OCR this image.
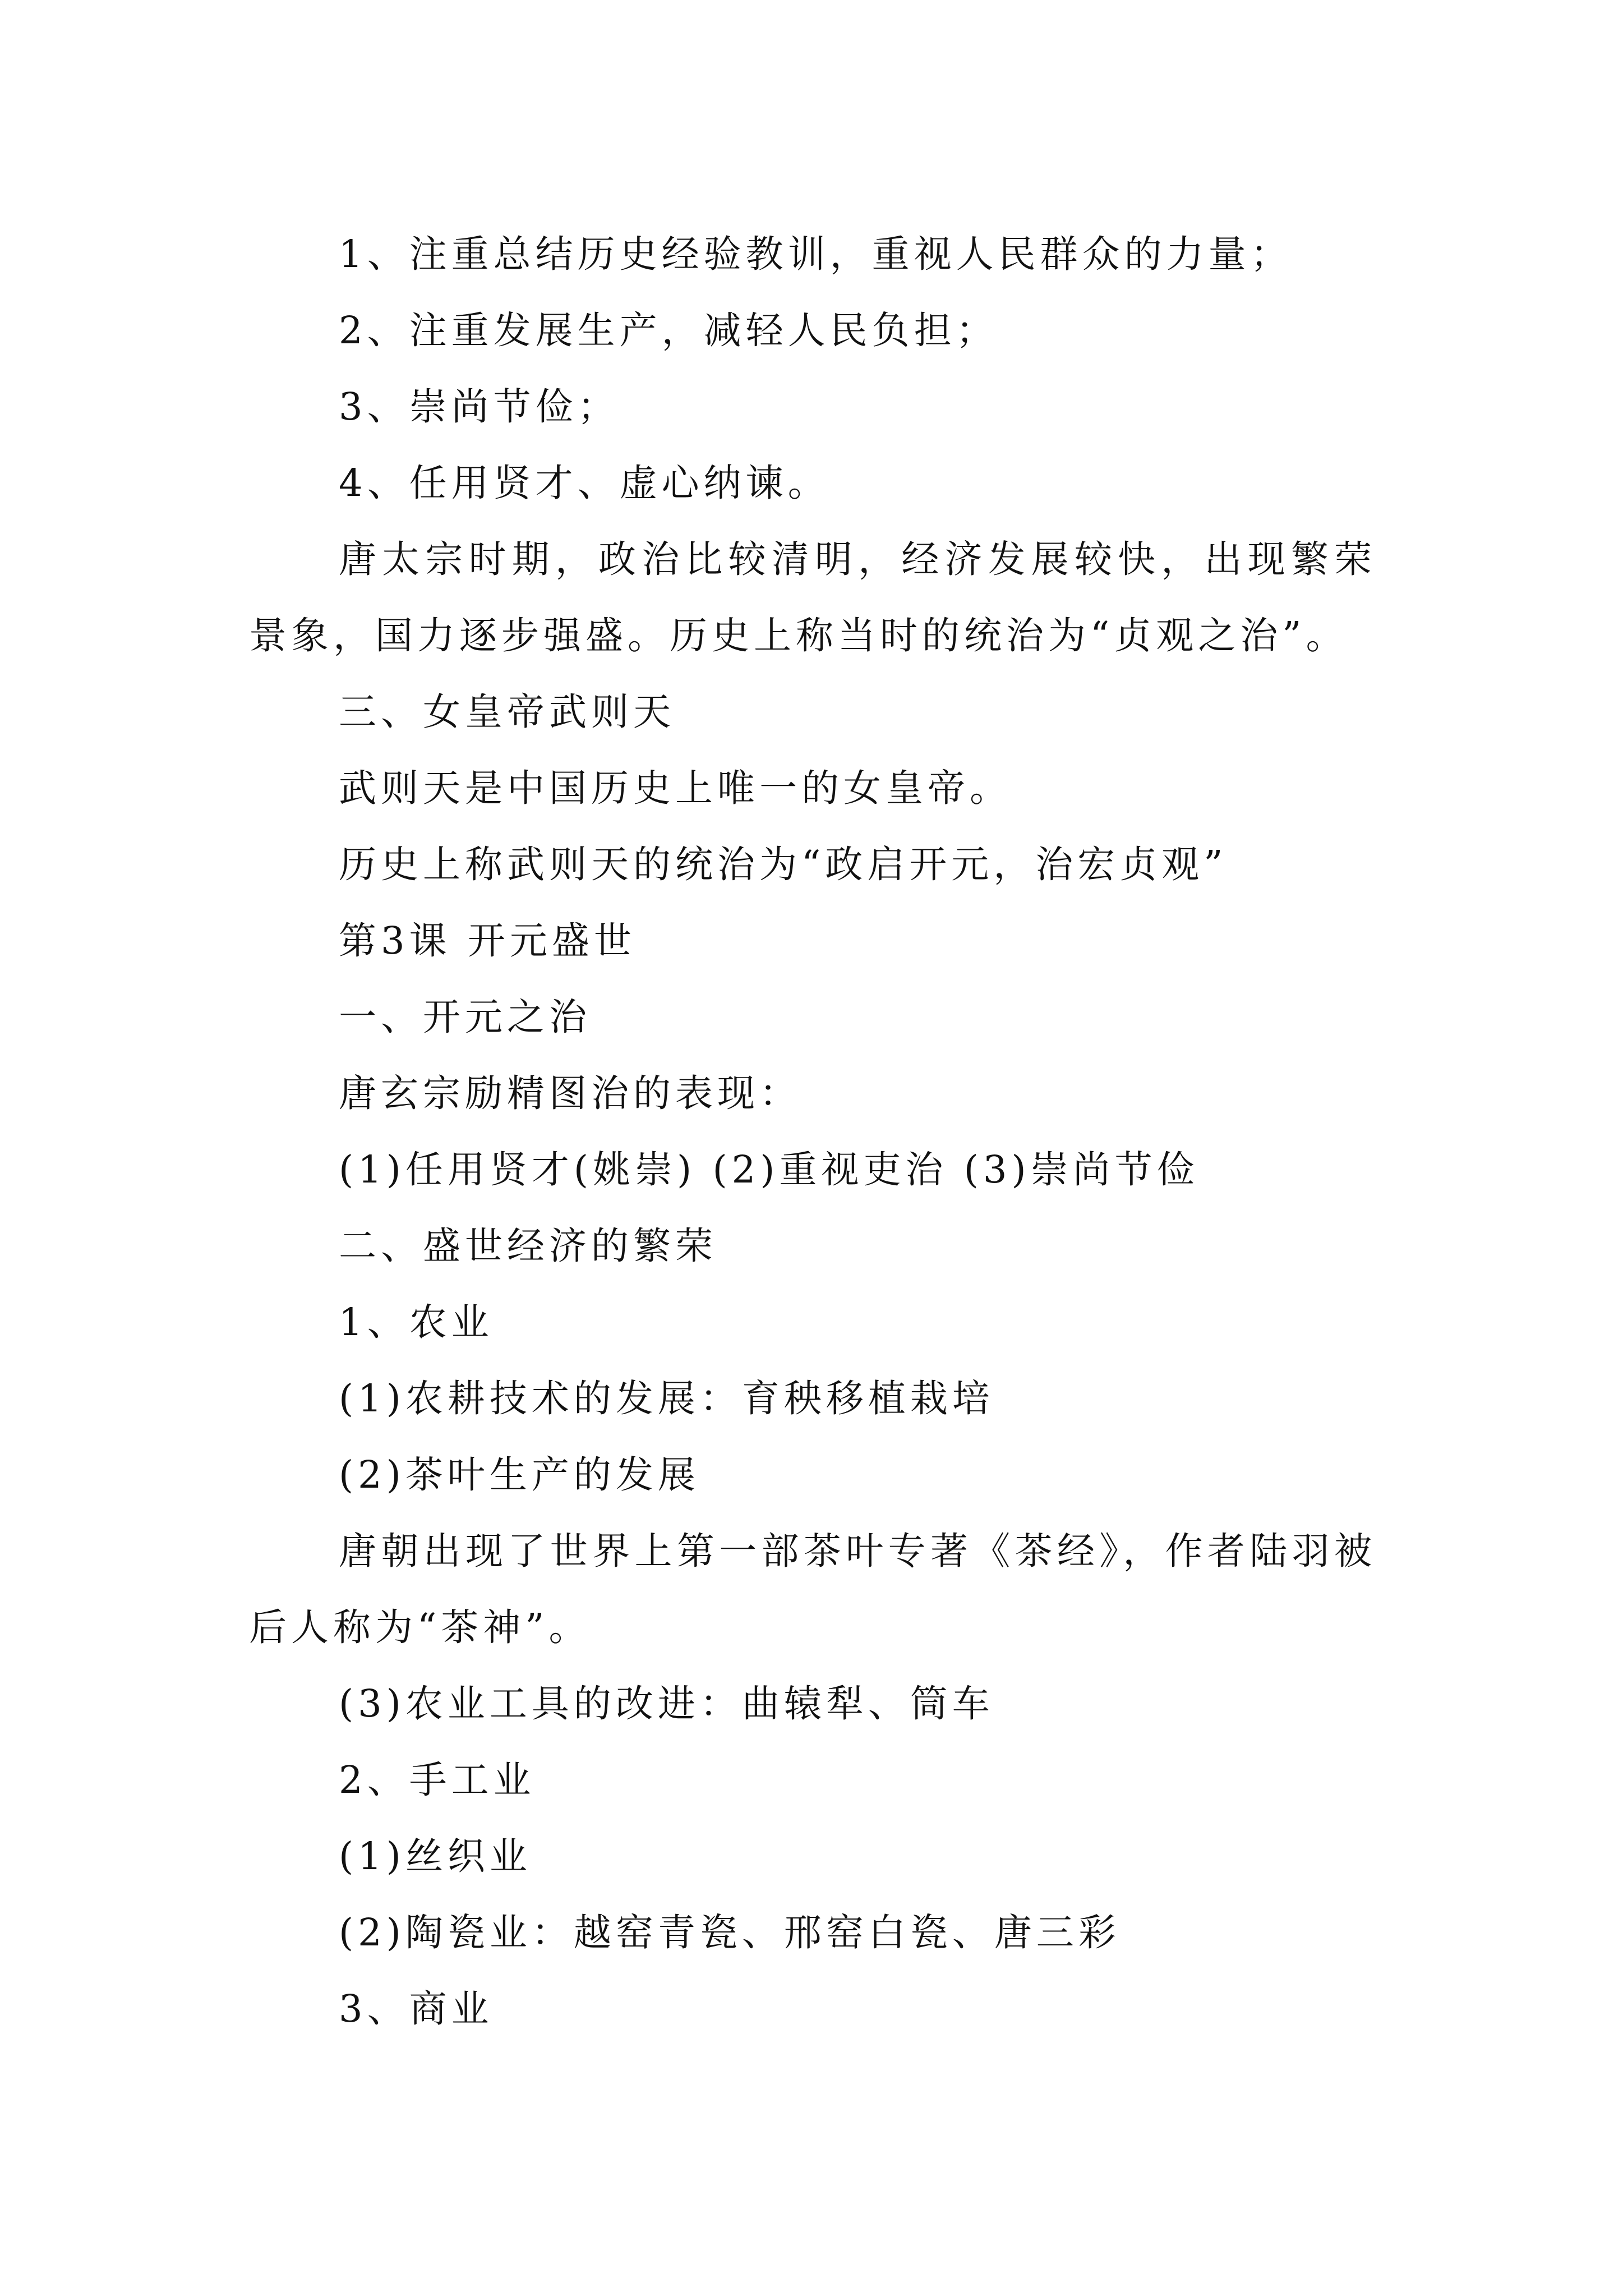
1、注重总结历史经验教训，重视人民群众的力量；

2、注重发展生产，减轻人民负担；

3、崇尚节俭；

4、任用贤才、虚心纳谏。

唐太宗时期，政治比较清明，经济发展较快，出现繁荣景象，国力逐步强盛。历史上称当时的统治为“贞观之治”。

三、女皇帝武则天

武则天是中国历史上唯一的女皇帝。

历史上称武则天的统治为“政启开元，治宏贞观”

第3课 开元盛世

一、开元之治

唐玄宗励精图治的表现：

(1)任用贤才(姚崇) (2)重视吏治 (3)崇尚节俭

二、盛世经济的繁荣

1、农业

(1)农耕技术的发展：育秧移植栽培

(2)茶叶生产的发展

唐朝出现了世界上第一部茶叶专著《茶经》，作者陆羽被后人称为“茶神”。

(3)农业工具的改进：曲辕犁、筒车

2、手工业

(1)丝织业

(2)陶瓷业：越窑青瓷、邢窑白瓷、唐三彩

3、商业
